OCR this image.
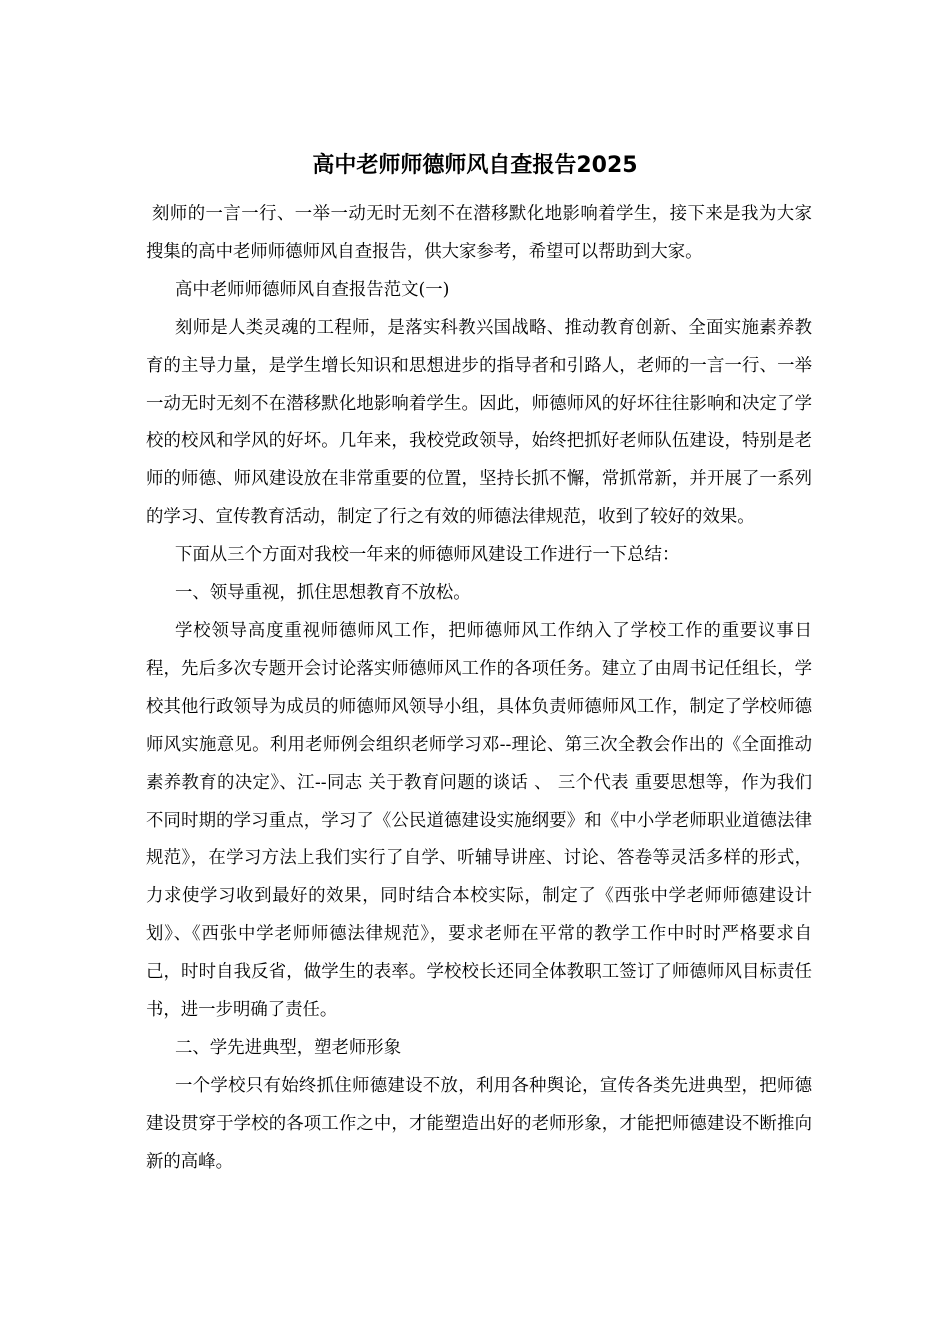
高中老师师德师风自查报告2025

刻师的一言一行、一举一动无时无刻不在潜移默化地影响着学生，接下来是我为大家搜集的高中老师师德师风自查报告，供大家参考，希望可以帮助到大家。

高中老师师德师风自查报告范文(一)

刻师是人类灵魂的工程师，是落实科教兴国战略、推动教育创新、全面实施素养教育的主导力量，是学生增长知识和思想进步的指导者和引路人，老师的一言一行、一举一动无时无刻不在潜移默化地影响着学生。因此，师德师风的好坏往往影响和决定了学校的校风和学风的好坏。几年来，我校党政领导，始终把抓好老师队伍建设，特别是老师的师德、师风建设放在非常重要的位置，坚持长抓不懈，常抓常新，并开展了一系列的学习、宣传教育活动，制定了行之有效的师德法律规范，收到了较好的效果。

下面从三个方面对我校一年来的师德师风建设工作进行一下总结：

一、领导重视，抓住思想教育不放松。

学校领导高度重视师德师风工作，把师德师风工作纳入了学校工作的重要议事日程，先后多次专题开会讨论落实师德师风工作的各项任务。建立了由周书记任组长，学校其他行政领导为成员的师德师风领导小组，具体负责师德师风工作，制定了学校师德师风实施意见。利用老师例会组织老师学习邓--理论、第三次全教会作出的《全面推动素养教育的决定》、江--同志 关于教育问题的谈话 、 三个代表 重要思想等，作为我们不同时期的学习重点，学习了《公民道德建设实施纲要》和《中小学老师职业道德法律规范》，在学习方法上我们实行了自学、听辅导讲座、讨论、答卷等灵活多样的形式，力求使学习收到最好的效果，同时结合本校实际，制定了《西张中学老师师德建设计划》、《西张中学老师师德法律规范》，要求老师在平常的教学工作中时时严格要求自己，时时自我反省，做学生的表率。学校校长还同全体教职工签订了师德师风目标责任书，进一步明确了责任。

二、学先进典型，塑老师形象

一个学校只有始终抓住师德建设不放，利用各种舆论，宣传各类先进典型，把师德建设贯穿于学校的各项工作之中，才能塑造出好的老师形象，才能把师德建设不断推向新的高峰。
